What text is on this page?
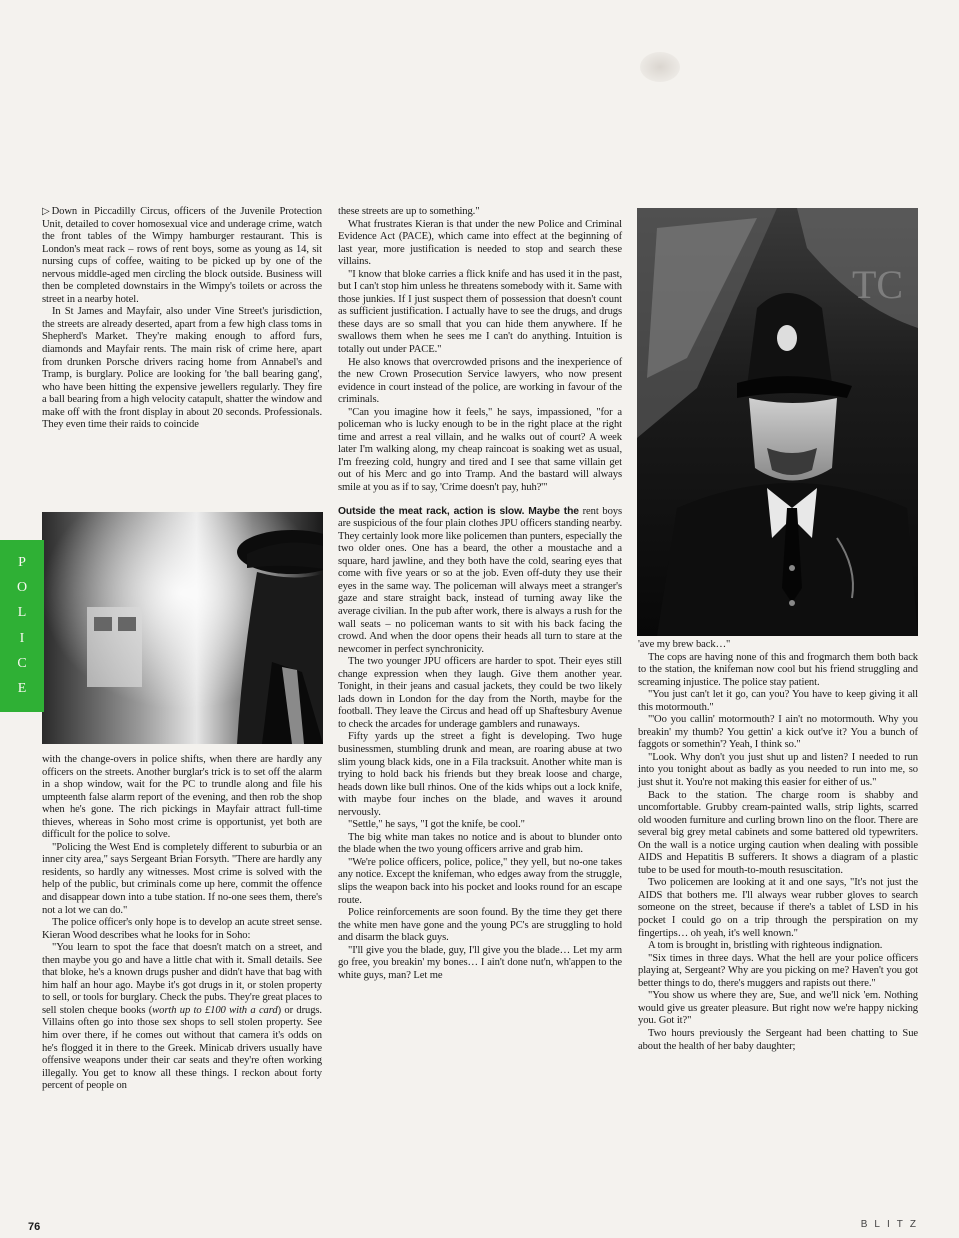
▷Down in Piccadilly Circus, officers of the Juvenile Protection Unit, detailed to cover homosexual vice and underage crime, watch the front tables of the Wimpy hamburger restaurant. This is London's meat rack – rows of rent boys, some as young as 14, sit nursing cups of coffee, waiting to be picked up by one of the nervous middle-aged men circling the block outside. Business will then be completed downstairs in the Wimpy's toilets or across the street in a nearby hotel.

In St James and Mayfair, also under Vine Street's jurisdiction, the streets are already deserted, apart from a few high class toms in Shepherd's Market. They're making enough to afford furs, diamonds and Mayfair rents. The main risk of crime here, apart from drunken Porsche drivers racing home from Annabel's and Tramp, is burglary. Police are looking for 'the ball bearing gang', who have been hitting the expensive jewellers regularly. They fire a ball bearing from a high velocity catapult, shatter the window and make off with the front display in about 20 seconds. Professionals. They even time their raids to coincide

with the change-overs in police shifts, when there are hardly any officers on the streets. Another burglar's trick is to set off the alarm in a shop window, wait for the PC to trundle along and file his umpteenth false alarm report of the evening, and then rob the shop when he's gone. The rich pickings in Mayfair attract full-time thieves, whereas in Soho most crime is opportunist, yet both are difficult for the police to solve.

"Policing the West End is completely different to suburbia or an inner city area," says Sergeant Brian Forsyth. "There are hardly any residents, so hardly any witnesses. Most crime is solved with the help of the public, but criminals come up here, commit the offence and disappear down into a tube station. If no-one sees them, there's not a lot we can do."

The police officer's only hope is to develop an acute street sense. Kieran Wood describes what he looks for in Soho:

"You learn to spot the face that doesn't match on a street, and then maybe you go and have a little chat with it. Small details. See that bloke, he's a known drugs pusher and didn't have that bag with him half an hour ago. Maybe it's got drugs in it, or stolen property to sell, or tools for burglary. Check the pubs. They're great places to sell stolen cheque books (worth up to £100 with a card) or drugs. Villains often go into those sex shops to sell stolen property. See him over there, if he comes out without that camera it's odds on he's flogged it in there to the Greek. Minicab drivers usually have offensive weapons under their car seats and they're often working illegally. You get to know all these things. I reckon about forty percent of people on

these streets are up to something."

What frustrates Kieran is that under the new Police and Criminal Evidence Act (PACE), which came into effect at the beginning of last year, more justification is needed to stop and search these villains.

"I know that bloke carries a flick knife and has used it in the past, but I can't stop him unless he threatens somebody with it. Same with those junkies. If I just suspect them of possession that doesn't count as sufficient justification. I actually have to see the drugs, and drugs these days are so small that you can hide them anywhere. If he swallows them when he sees me I can't do anything. Intuition is totally out under PACE."

He also knows that overcrowded prisons and the inexperience of the new Crown Prosecution Service lawyers, who now present evidence in court instead of the police, are working in favour of the criminals.

"Can you imagine how it feels," he says, impassioned, "for a policeman who is lucky enough to be in the right place at the right time and arrest a real villain, and he walks out of court? A week later I'm walking along, my cheap raincoat is soaking wet as usual, I'm freezing cold, hungry and tired and I see that same villain get out of his Merc and go into Tramp. And the bastard will always smile at you as if to say, 'Crime doesn't pay, huh?'"

Outside the meat rack, action is slow. Maybe the rent boys are suspicious of the four plain clothes JPU officers standing nearby. They certainly look more like policemen than punters, especially the two older ones. One has a beard, the other a moustache and a square, hard jawline, and they both have the cold, searing eyes that come with five years or so at the job. Even off-duty they use their eyes in the same way. The policeman will always meet a stranger's gaze and stare straight back, instead of turning away like the average civilian. In the pub after work, there is always a rush for the wall seats – no policeman wants to sit with his back facing the crowd. And when the door opens their heads all turn to stare at the newcomer in perfect synchronicity.

The two younger JPU officers are harder to spot. Their eyes still change expression when they laugh. Give them another year. Tonight, in their jeans and casual jackets, they could be two likely lads down in London for the day from the North, maybe for the football. They leave the Circus and head off up Shaftesbury Avenue to check the arcades for underage gamblers and runaways.

Fifty yards up the street a fight is developing. Two huge businessmen, stumbling drunk and mean, are roaring abuse at two slim young black kids, one in a Fila tracksuit. Another white man is trying to hold back his friends but they break loose and charge, heads down like bull rhinos. One of the kids whips out a lock knife, with maybe four inches on the blade, and waves it around nervously.

"Settle," he says, "I got the knife, be cool."

The big white man takes no notice and is about to blunder onto the blade when the two young officers arrive and grab him.

"We're police officers, police, police," they yell, but no-one takes any notice. Except the knifeman, who edges away from the struggle, slips the weapon back into his pocket and looks round for an escape route.

Police reinforcements are soon found. By the time they get there the white men have gone and the young PC's are struggling to hold and disarm the black guys.

"I'll give you the blade, guy, I'll give you the blade… Let my arm go free, you breakin' my bones… I ain't done nut'n, wh'appen to the white guys, man? Let me

TC

'ave my brew back…"

The cops are having none of this and frogmarch them both back to the station, the knifeman now cool but his friend struggling and screaming injustice. The police stay patient.

"You just can't let it go, can you? You have to keep giving it all this motormouth."

"'Oo you callin' motormouth? I ain't no motormouth. Why you breakin' my thumb? You gettin' a kick out've it? You a bunch of faggots or somethin'? Yeah, I think so."

"Look. Why don't you just shut up and listen? I needed to run into you tonight about as badly as you needed to run into me, so just shut it. You're not making this easier for either of us."

Back to the station. The charge room is shabby and uncomfortable. Grubby cream-painted walls, strip lights, scarred old wooden furniture and curling brown lino on the floor. There are several big grey metal cabinets and some battered old typewriters. On the wall is a notice urging caution when dealing with possible AIDS and Hepatitis B sufferers. It shows a diagram of a plastic tube to be used for mouth-to-mouth resuscitation.

Two policemen are looking at it and one says, "It's not just the AIDS that bothers me. I'll always wear rubber gloves to search someone on the street, because if there's a tablet of LSD in his pocket I could go on a trip through the perspiration on my fingertips… oh yeah, it's well known."

A tom is brought in, bristling with righteous indignation.

"Six times in three days. What the hell are your police officers playing at, Sergeant? Why are you picking on me? Haven't you got better things to do, there's muggers and rapists out there."

"You show us where they are, Sue, and we'll nick 'em. Nothing would give us greater pleasure. But right now we're happy nicking you. Got it?"

Two hours previously the Sergeant had been chatting to Sue about the health of her baby daughter;

P
O
L
I
C
E
76	BLITZ
